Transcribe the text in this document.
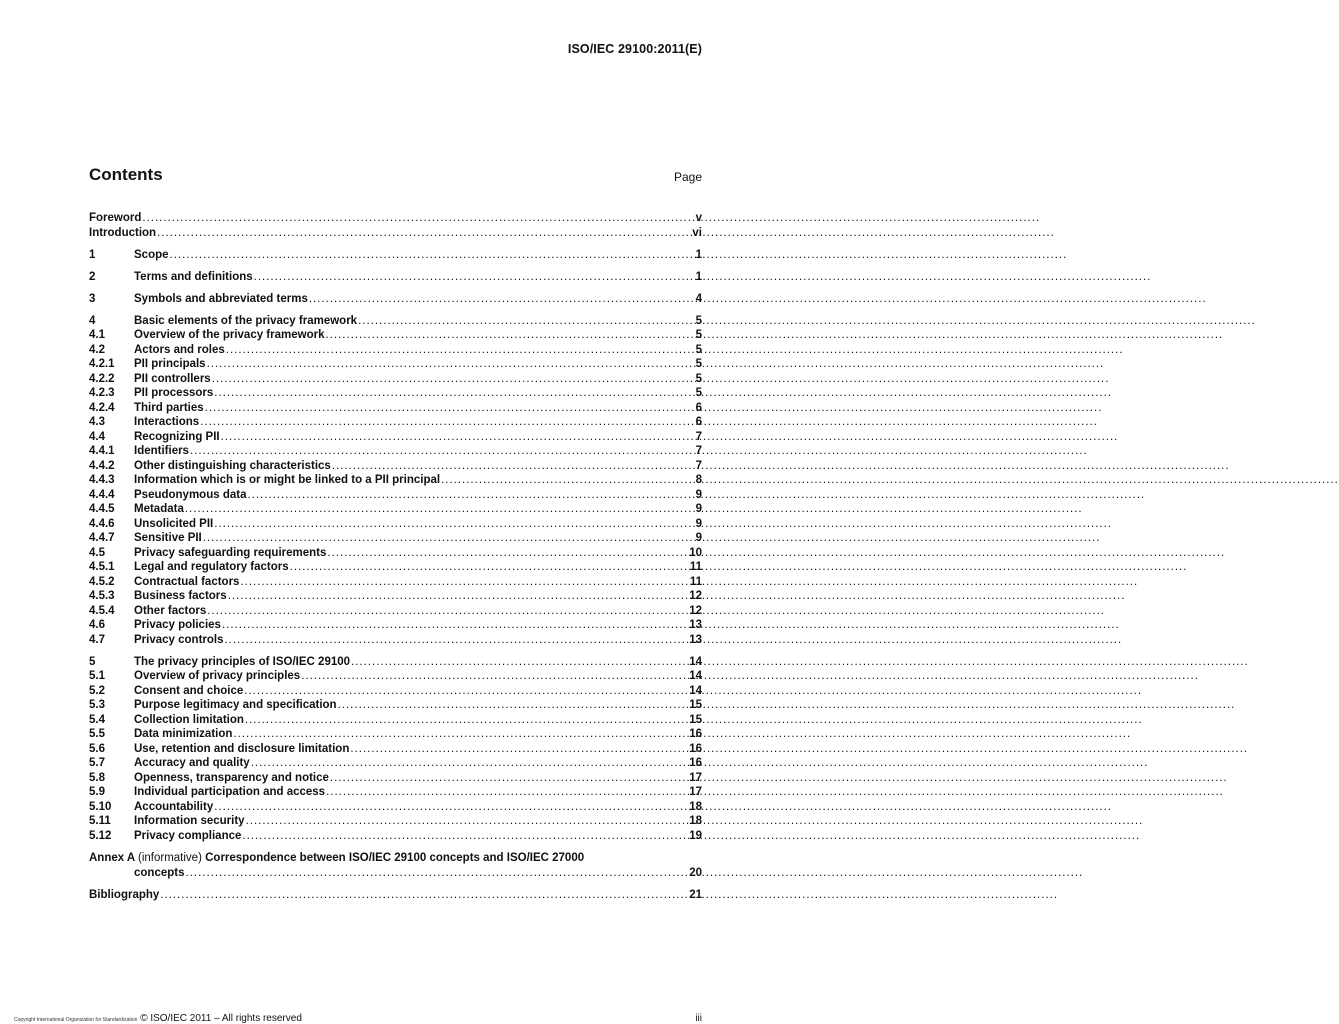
ISO/IEC 29100:2011(E)
Contents	Page
Foreword .....	v
Introduction .....	vi
1	Scope .....	1
2	Terms and definitions .....	1
3	Symbols and abbreviated terms .....	4
4	Basic elements of the privacy framework .....	5
4.1	Overview of the privacy framework .....	5
4.2	Actors and roles .....	5
4.2.1	PII principals .....	5
4.2.2	PII controllers .....	5
4.2.3	PII processors .....	5
4.2.4	Third parties .....	6
4.3	Interactions .....	6
4.4	Recognizing PII .....	7
4.4.1	Identifiers .....	7
4.4.2	Other distinguishing characteristics .....	7
4.4.3	Information which is or might be linked to a PII principal .....	8
4.4.4	Pseudonymous data .....	9
4.4.5	Metadata .....	9
4.4.6	Unsolicited PII .....	9
4.4.7	Sensitive PII .....	9
4.5	Privacy safeguarding requirements .....	10
4.5.1	Legal and regulatory factors .....	11
4.5.2	Contractual factors .....	11
4.5.3	Business factors .....	12
4.5.4	Other factors .....	12
4.6	Privacy policies .....	13
4.7	Privacy controls .....	13
5	The privacy principles of ISO/IEC 29100 .....	14
5.1	Overview of privacy principles .....	14
5.2	Consent and choice .....	14
5.3	Purpose legitimacy and specification .....	15
5.4	Collection limitation .....	15
5.5	Data minimization .....	16
5.6	Use, retention and disclosure limitation .....	16
5.7	Accuracy and quality .....	16
5.8	Openness, transparency and notice .....	17
5.9	Individual participation and access .....	17
5.10	Accountability .....	18
5.11	Information security .....	18
5.12	Privacy compliance .....	19
Annex A (informative) Correspondence between ISO/IEC 29100 concepts and ISO/IEC 27000
concepts .....	20
Bibliography .....	21
Copyright International Organization for Standardization © ISO/IEC 2011 – All rights reserved	iii
